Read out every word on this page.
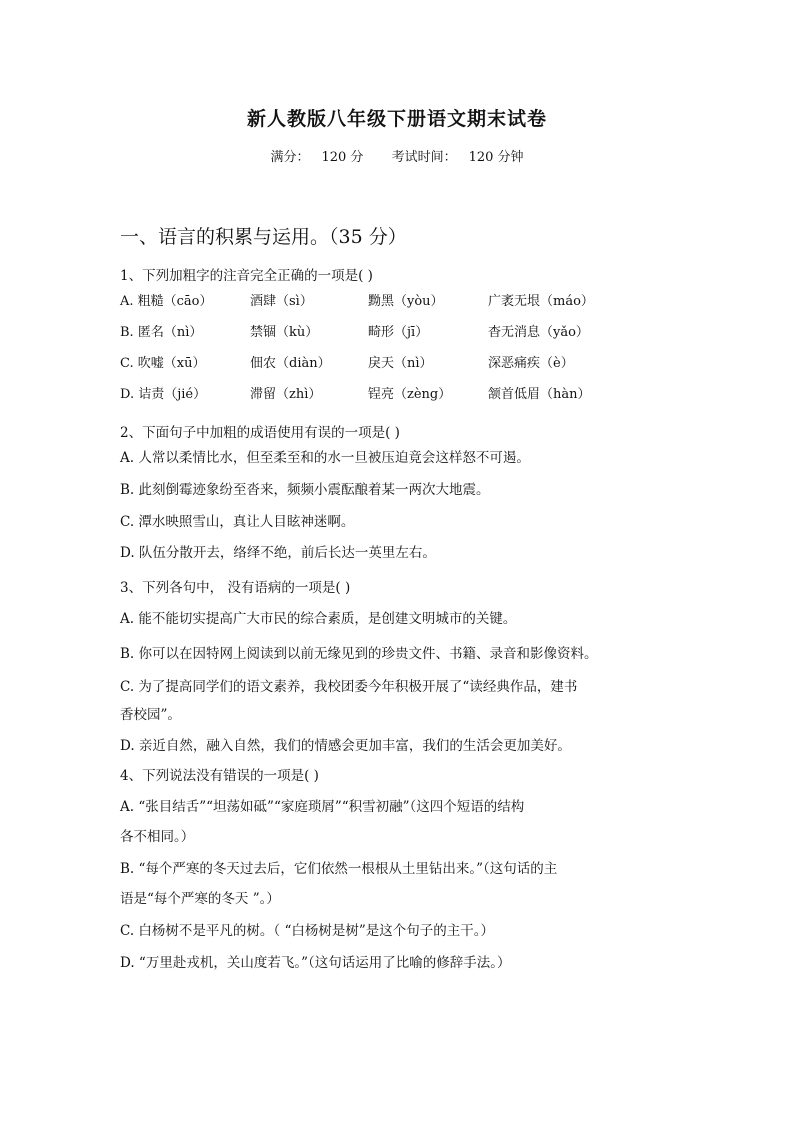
新人教版八年级下册语文期末试卷
满分： 120 分 考试时间： 120 分钟
一、语言的积累与运用。（35 分）
1、下列加粗字的注音完全正确的一项是( )
A. 粗糙（cāo）	酒肆（sì）	黝黑（yòu）	广袤无垠（máo）
B. 匿名（nì）	禁锢（kù）	畸形（jī）	杳无消息（yǎo）
C. 吹嘘（xū）	佃农（diàn）	戾天（nì）	深恶痛疾（è）
D. 诘责（jié）	滞留（zhì）	锃亮（zèng）	颔首低眉（hàn）
2、下面句子中加粗的成语使用有误的一项是( )
A. 人常以柔情比水，但至柔至和的水一旦被压迫竟会这样怒不可遏。
B. 此刻倒霉迹象纷至沓来，频频小震酝酿着某一两次大地震。
C. 潭水映照雪山，真让人目眩神迷啊。
D. 队伍分散开去，络绎不绝，前后长达一英里左右。
3、下列各句中， 没有语病的一项是( )
A. 能不能切实提高广大市民的综合素质，是创建文明城市的关键。
B. 你可以在因特网上阅读到以前无缘见到的珍贵文件、书籍、录音和影像资料。
C. 为了提高同学们的语文素养，我校团委今年积极开展了“读经典作品，建书
香校园”。
D. 亲近自然，融入自然，我们的情感会更加丰富，我们的生活会更加美好。
4、下列说法没有错误的一项是( )
A. “张目结舌”“坦荡如砥”“家庭琐屑”“积雪初融”（这四个短语的结构
各不相同。）
B. “每个严寒的冬天过去后，它们依然一根根从土里钻出来。”（这句话的主
语是“每个严寒的冬天 ”。）
C. 白杨树不是平凡的树。（ “白杨树是树”是这个句子的主干。）
D. “万里赴戎机，关山度若飞。”（这句话运用了比喻的修辞手法。）
